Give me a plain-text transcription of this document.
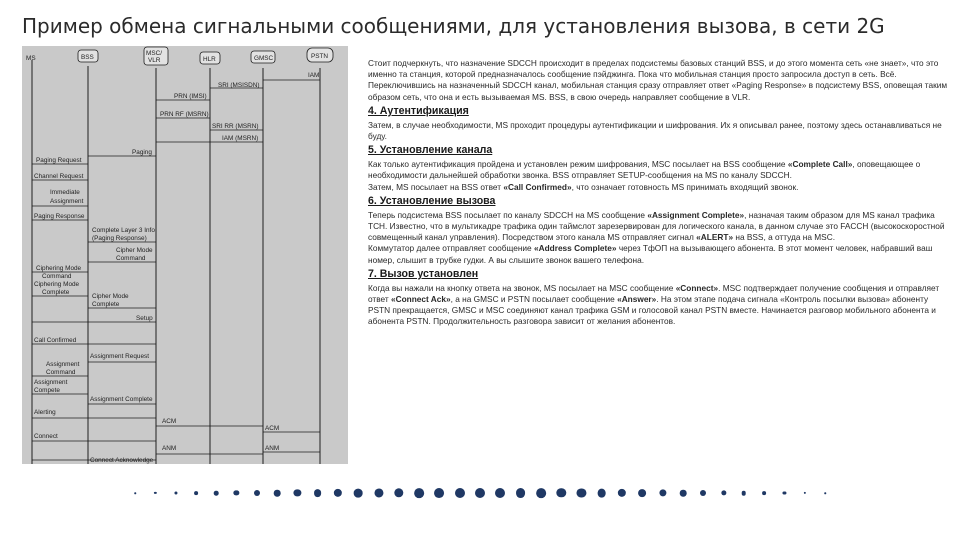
Пример обмена сигнальными сообщениями, для установления вызова, в сети 2G
MS	BSS
MSC/
VLR	HLR	GMSC	PSTN
IAM
SRI (MSISDN)
PRN (IMSI)
PRN RF (MSRN)
SRI RR (MSRN)
IAM (MSRN)
Paging
Paging Request
Channel Request
Immediate
Assignment
Paging Response
Complete Layer 3 Info
(Paging Response)
Cipher Mode
Command
Ciphering Mode
Command
Ciphering Mode
Complete
Cipher Mode
Complete
Setup
Call Confirmed
Assignment Request
Assignment
Command
Assignment
Compete
Assignment Complete
Alerting
ACM
ACM
Connect
ANM	ANM
Connect Acknowledge

Стоит подчеркнуть, что назначение SDCCH происходит в пределах подсистемы базовых станций BSS, и до этого момента сеть «не знает», что это именно та станция, которой предназначалось сообщение пэйджинга. Пока что мобильная станция просто запросила доступ в сеть. Всё.

Переключившись на назначенный SDCCH канал, мобильная станция сразу отправляет ответ «Paging Response» в подсистему BSS, оповещая таким образом сеть, что она и есть вызываемая MS. BSS, в свою очередь направляет сообщение в VLR.

4. Аутентификация

Затем, в случае необходимости, MS проходит процедуры аутентификации и шифрования. Их я описывал ранее, поэтому здесь останавливаться не буду.

5. Установление канала

Как только аутентификация пройдена и установлен режим шифрования, MSC посылает на BSS сообщение «Complete Call», оповещающее о необходимости дальнейшей обработки звонка. BSS отправляет SETUP-сообщения на MS по каналу SDCCH.

Затем, MS посылает на BSS ответ «Call Confirmed», что означает готовность MS принимать входящий звонок.

6. Установление вызова

Теперь подсистема BSS посылает по каналу SDCCH на MS сообщение «Assignment Complete», назначая таким образом для MS канал трафика TCH. Известно, что в мультикадре трафика один таймслот зарезервирован для логического канала, в данном случае это FACCH (высокоскоростной совмещенный канал управления). Посредством этого канала MS отправляет сигнал «ALERT» на BSS, а оттуда на MSC.

Коммутатор далее отправляет сообщение «Address Complete» через ТфОП на вызывающего абонента. В этот момент человек, набравший ваш номер, слышит в трубке гудки. А вы слышите звонок вашего телефона.

7. Вызов установлен

Когда вы нажали на кнопку ответа на звонок, MS посылает на MSC сообщение «Connect». MSC подтверждает получение сообщения и отправляет ответ «Connect Ack», а на GMSC и PSTN посылает сообщение «Answer». На этом этапе подача сигнала «Контроль посылки вызова» абоненту PSTN прекращается, GMSC и MSC соединяют канал трафика GSM и голосовой канал PSTN вместе. Начинается разговор мобильного абонента и абонента PSTN. Продолжительность разговора зависит от желания абонентов.
